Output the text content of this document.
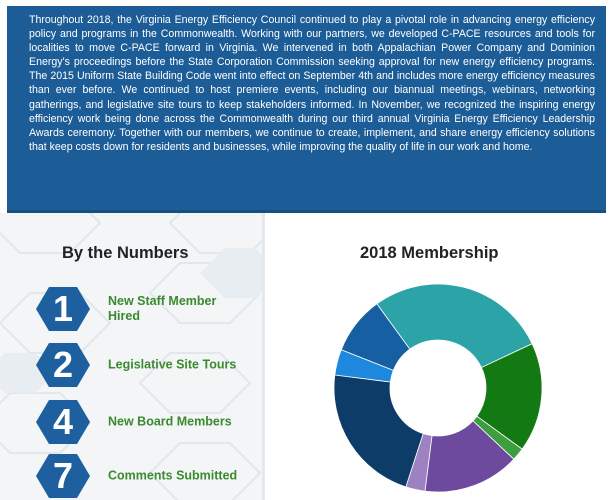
Throughout 2018, the Virginia Energy Efficiency Council continued to play a pivotal role in advancing energy efficiency policy and programs in the Commonwealth. Working with our partners, we developed C-PACE resources and tools for localities to move C-PACE forward in Virginia. We intervened in both Appalachian Power Company and Dominion Energy's proceedings before the State Corporation Commission seeking approval for new energy efficiency programs. The 2015 Uniform State Building Code went into effect on September 4th and includes more energy efficiency measures than ever before. We continued to host premiere events, including our biannual meetings, webinars, networking gatherings, and legislative site tours to keep stakeholders informed. In November, we recognized the inspiring energy efficiency work being done across the Commonwealth during our third annual Virginia Energy Efficiency Leadership Awards ceremony. Together with our members, we continue to create, implement, and share energy efficiency solutions that keep costs down for residents and businesses, while improving the quality of life in our work and home.

By the Numbers	2018 Membership
1	New Staff Member Hired
2	Legislative Site Tours
4	New Board Members
7	Comments Submitted
